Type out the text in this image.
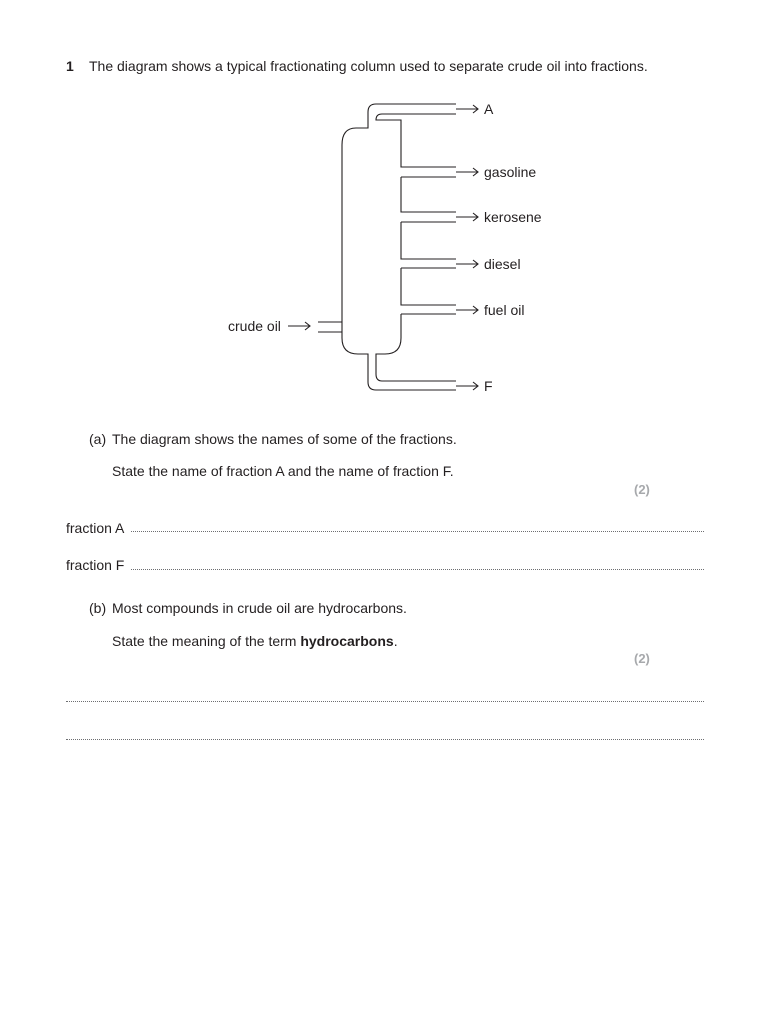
1 The diagram shows a typical fractionating column used to separate crude oil into fractions.
crude oil
A
gasoline
kerosene
diesel
fuel oil
F
(a) The diagram shows the names of some of the fractions.
State the name of fraction A and the name of fraction F.
(2)
fraction A
fraction F
(b) Most compounds in crude oil are hydrocarbons.
State the meaning of the term hydrocarbons.
(2)
